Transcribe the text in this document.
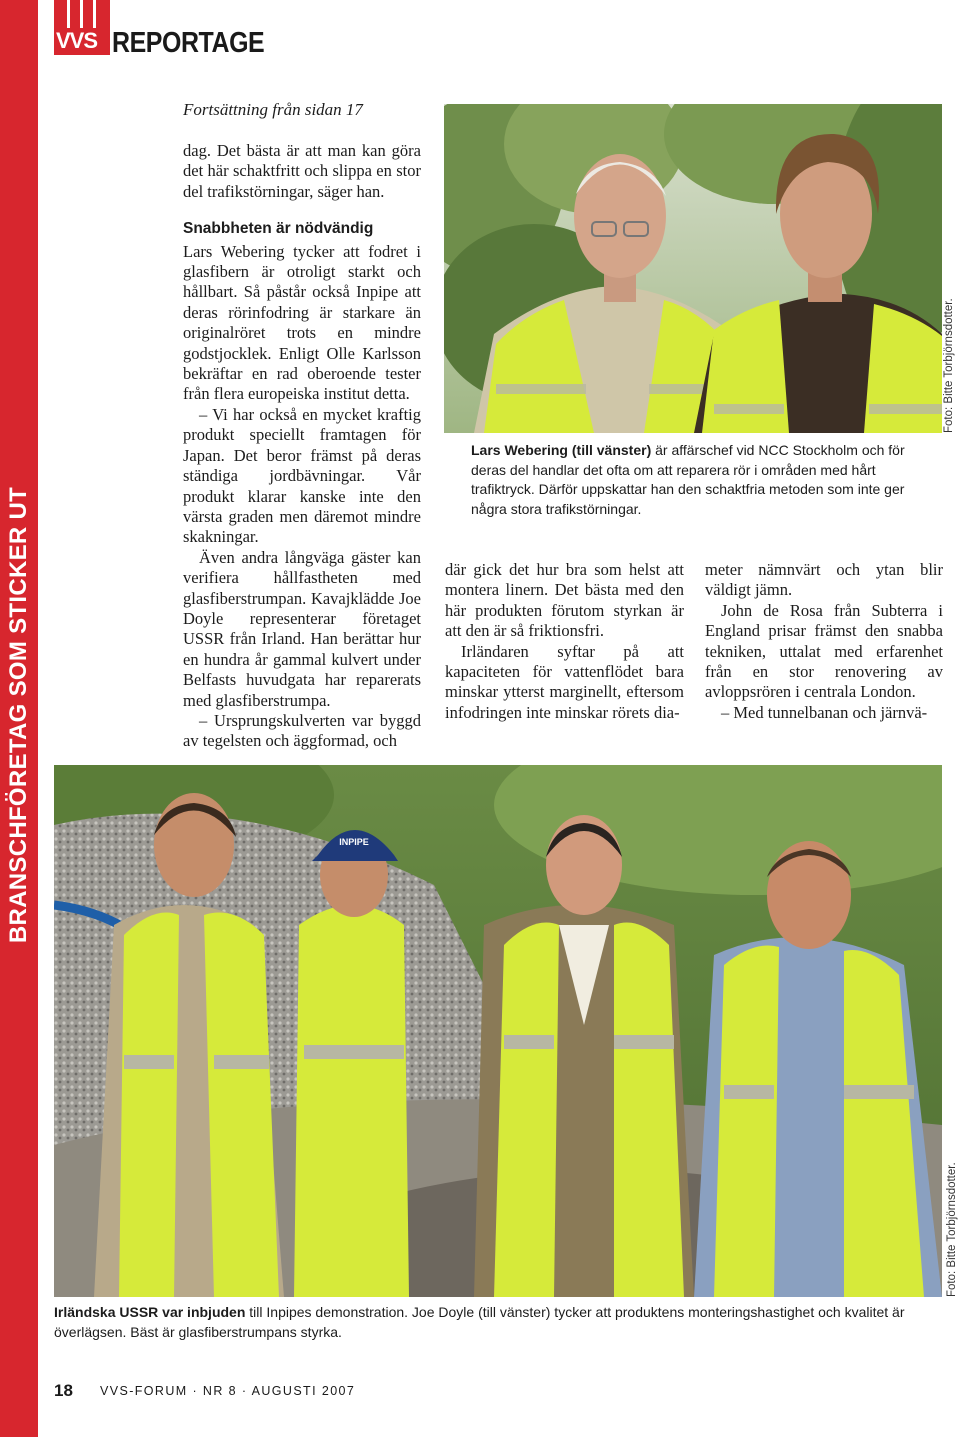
BRANSCHFÖRETAG SOM STICKER UT
VVS REPORTAGE
Fortsättning från sidan 17

dag. Det bästa är att man kan göra det här schaktfritt och slippa en stor del trafikstörningar, säger han.

Snabbheten är nödvändig

Lars Webering tycker att fodret i glasfibern är otroligt starkt och hållbart. Så påstår också Inpipe att deras rörinfodring är starkare än originalröret trots en mindre godstjocklek. Enligt Olle Karlsson bekräftar en rad oberoende tester från flera europeiska institut detta.

– Vi har också en mycket kraftig produkt speciellt framtagen för Japan. Det beror främst på deras ständiga jordbävningar. Vår produkt klarar kanske inte den värsta graden men däremot mindre skakningar.

Även andra långväga gäster kan verifiera hållfastheten med glasfiberstrumpan. Kavajklädde Joe Doyle representerar företaget USSR från Irland. Han berättar hur en hundra år gammal kulvert under Belfasts huvudgata har reparerats med glasfiberstrumpa.

– Ursprungskulverten var byggd av tegelsten och äggformad, och

Foto: Bitte Torbjörnsdotter.
Lars Webering (till vänster) är affärschef vid NCC Stockholm och för deras del handlar det ofta om att reparera rör i områden med hårt trafiktryck. Därför uppskattar han den schaktfria metoden som inte ger några stora trafikstörningar.

där gick det hur bra som helst att montera linern. Det bästa med den här produkten förutom styrkan är att den är så friktionsfri.

Irländaren syftar på att kapaciteten för vattenflödet bara minskar ytterst marginellt, eftersom infodringen inte minskar rörets dia-

meter nämnvärt och ytan blir väldigt jämn.

John de Rosa från Subterra i England prisar främst den snabba tekniken, uttalat med erfarenhet från en stor renovering av avloppsrören i centrala London.

– Med tunnelbanan och järnvä-

INPIPE
Foto: Bitte Torbjörnsdotter.
Irländska USSR var inbjuden till Inpipes demonstration. Joe Doyle (till vänster) tycker att produktens monteringshastighet och kvalitet är överlägsen. Bäst är glasfiberstrumpans styrka.
18 VVS-FORUM · NR 8 · AUGUSTI 2007
